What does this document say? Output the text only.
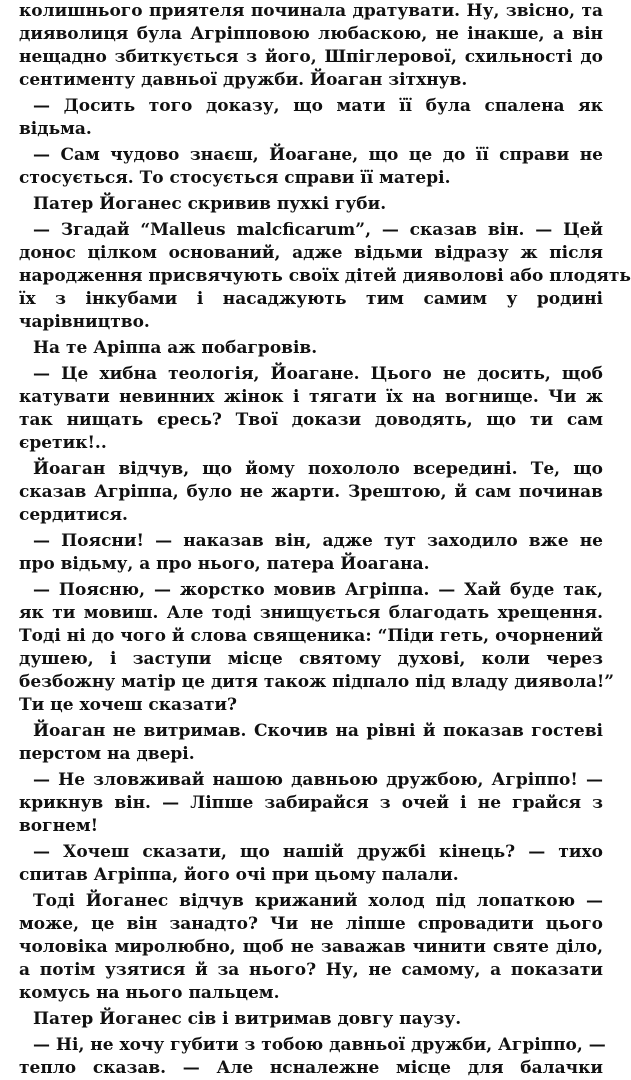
колишнього приятеля починала дратувати. Ну, звісно, та
дияволиця була Агріпповою любаскою, не інакше, а він
нещадно збиткується з його, Шпіглерової, схильності до
сентименту давньої дружби. Йоаган зітхнув.
— Досить того доказу, що мати її була спалена як
відьма.
— Сам чудово знаєш, Йоагане, що це до її справи не
стосується. То стосується справи її матері.
Патер Йоганес скривив пухкі губи.
— Згадай “Malleus malcficarum”, — сказав він. — Цей
донос цілком оснований, адже відьми відразу ж після
народження присвячують своїх дітей дияволові або плодять
їх з інкубами і насаджують тим самим у родині
чарівництво.
На те Аріппа аж побагровів.
— Це хибна теологія, Йоагане. Цього не досить, щоб
катувати невинних жінок і тягати їх на вогнище. Чи ж
так нищать єресь? Твої докази доводять, що ти сам
єретик!..
Йоаган відчув, що йому похололо всередині. Те, що
сказав Агріппа, було не жарти. Зрештою, й сам починав
сердитися.
— Поясни! — наказав він, адже тут заходило вже не
про відьму, а про нього, патера Йоагана.
— Поясню, — жорстко мовив Агріппа. — Хай буде так,
як ти мовиш. Але тоді знищується благодать хрещення.
Тоді ні до чого й слова священика: “Піди геть, очорнений
душею, і заступи місце святому духові, коли через
безбожну матір це дитя також підпало під владу диявола!”
Ти це хочеш сказати?
Йоаган не витримав. Скочив на рівні й показав гостеві
перстом на двері.
— Не зловживай нашою давньою дружбою, Агріппо! —
крикнув він. — Ліпше забирайся з очей і не грайся з
вогнем!
— Хочеш сказати, що нашій дружбі кінець? — тихо
спитав Агріппа, його очі при цьому палали.
Тоді Йоганес відчув крижаний холод під лопаткою —
може, це він занадто? Чи не ліпше спровадити цього
чоловіка миролюбно, щоб не заважав чинити святе діло,
а потім узятися й за нього? Ну, не самому, а показати
комусь на нього пальцем.
Патер Йоганес сів і витримав довгу паузу.
— Ні, не хочу губити з тобою давньої дружби, Агріппо, —
тепло сказав. — Але нсналежне місце для балачки
